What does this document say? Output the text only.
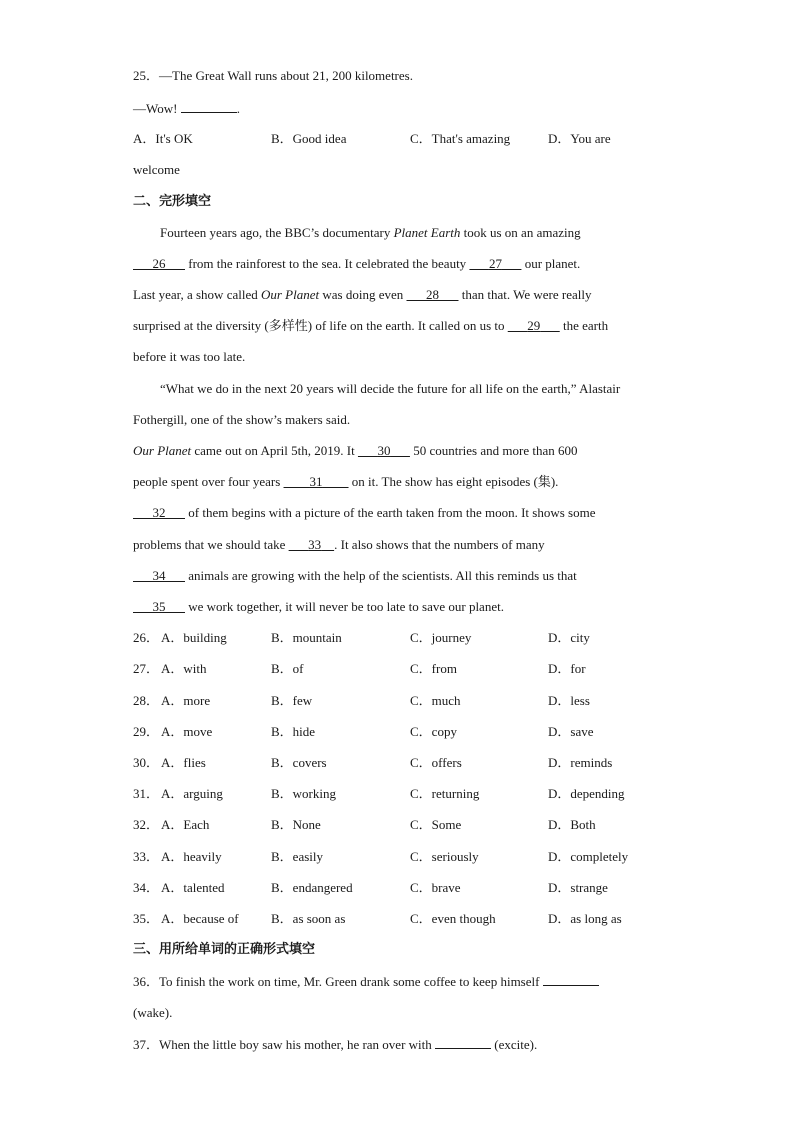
25．—The Great Wall runs about 21, 200 kilometres.
—Wow!	.
A．It's OK	B．Good idea	C．That's amazing	D．You are
welcome
二、完形填空
Fourteen years ago, the BBC’s documentary Planet Earth took us on an amazing
  26   from the rainforest to the sea. It celebrated the beauty   27   our planet.
Last year, a show called Our Planet was doing even   28   than that. We were really
surprised at the diversity (多样性) of life on the earth. It called on us to   29   the earth
before it was too late.
“What we do in the next 20 years will decide the future for all life on the earth,” Alastair
Fothergill, one of the show’s makers said.
Our Planet came out on April 5th, 2019. It   30   50 countries and more than 600
people spent over four years    31    on it. The show has eight episodes (集).
  32   of them begins with a picture of the earth taken from the moon. It shows some
problems that we should take   33  . It also shows that the numbers of many
  34   animals are growing with the help of the scientists. All this reminds us that
  35   we work together, it will never be too late to save our planet.
26． A．building	B．mountain	C．journey	D．city
27． A．with	B．of	C．from	D．for
28． A．more	B．few	C．much	D．less
29． A．move	B．hide	C．copy	D．save
30． A．flies	B．covers	C．offers	D．reminds
31． A．arguing	B．working	C．returning	D．depending
32． A．Each	B．None	C．Some	D．Both
33． A．heavily	B．easily	C．seriously	D．completely
34． A．talented	B．endangered	C．brave	D．strange
35． A．because of B．as soon as	C．even though	D．as long as
三、用所给单词的正确形式填空
36．To finish the work on time, Mr. Green drank some coffee to keep himself
(wake).
37．When the little boy saw his mother, he ran over with	(excite).
